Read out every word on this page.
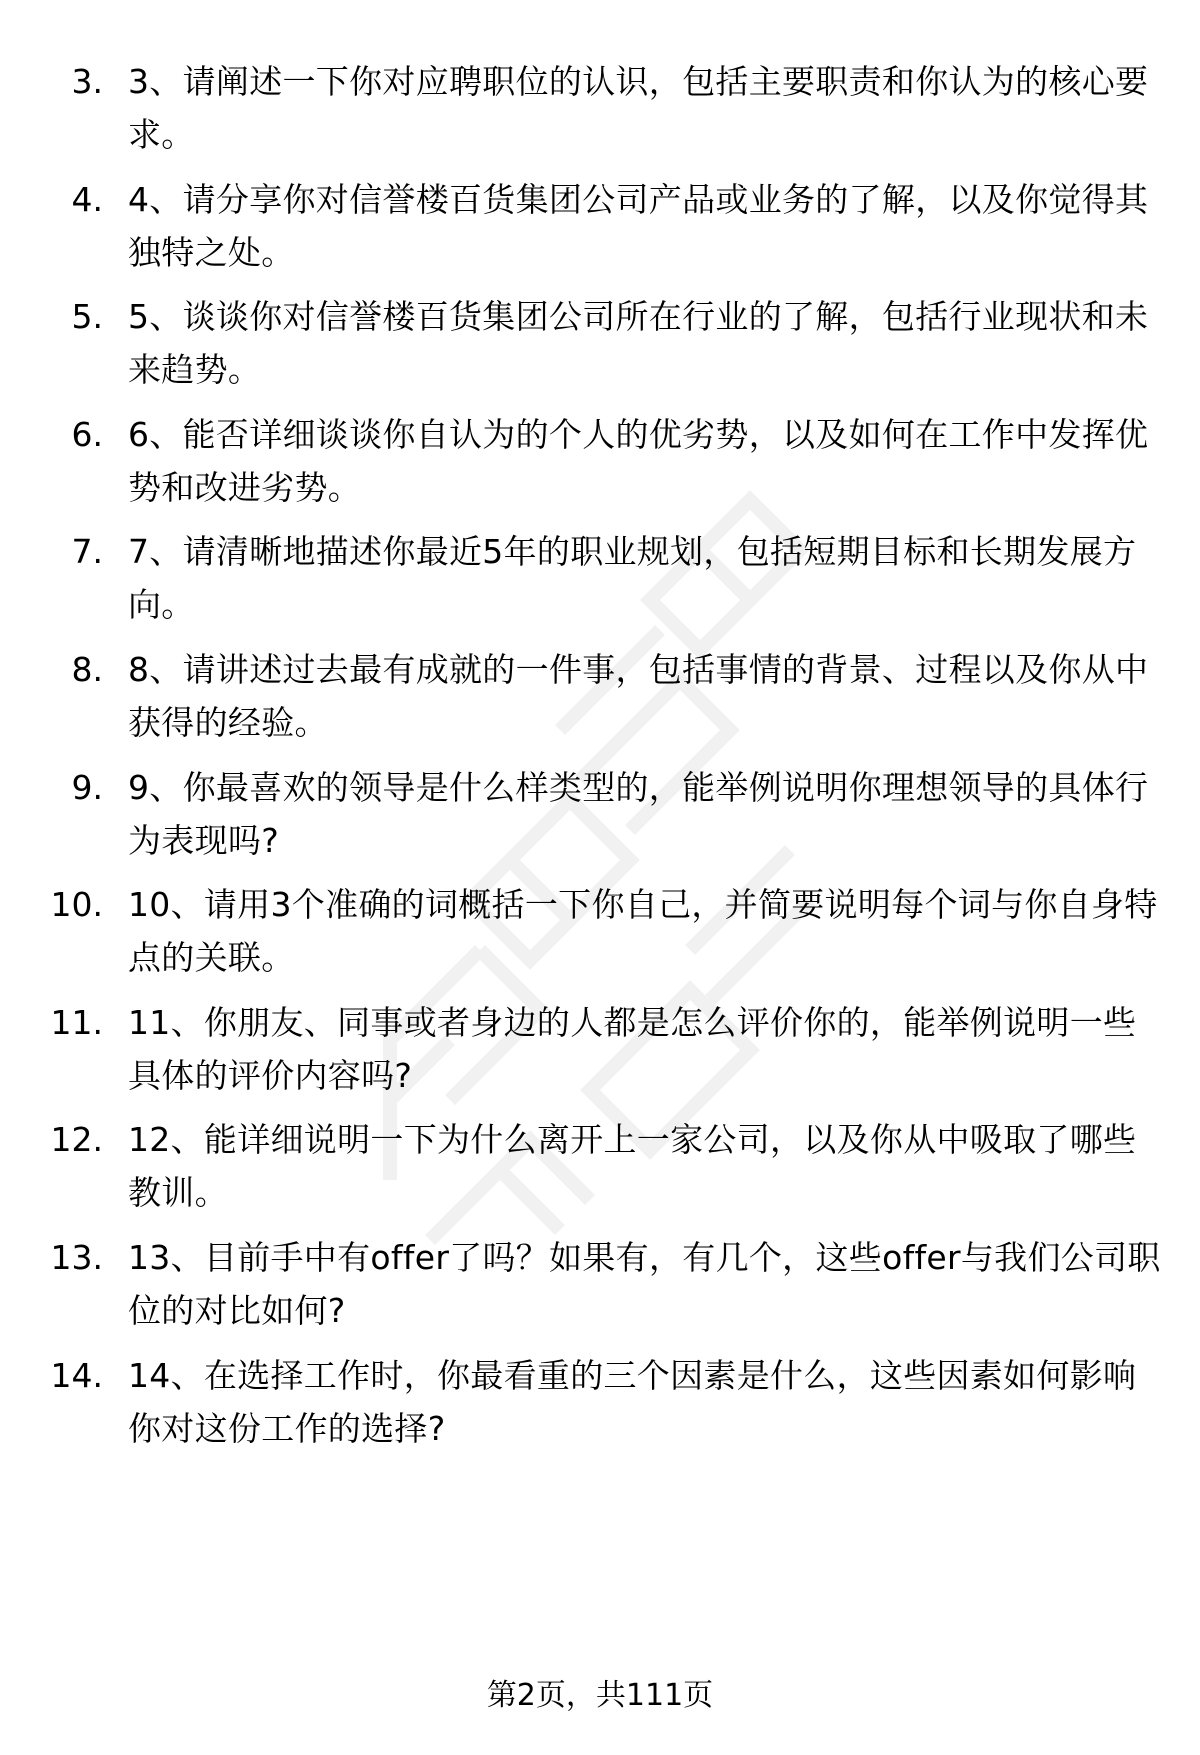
3. 3、请阐述一下你对应聘职位的认识，包括主要职责和你认为的核心要求。
4. 4、请分享你对信誉楼百货集团公司产品或业务的了解，以及你觉得其独特之处。
5. 5、谈谈你对信誉楼百货集团公司所在行业的了解，包括行业现状和未来趋势。
6. 6、能否详细谈谈你自认为的个人的优劣势，以及如何在工作中发挥优势和改进劣势。
7. 7、请清晰地描述你最近5年的职业规划，包括短期目标和长期发展方向。
8. 8、请讲述过去最有成就的一件事，包括事情的背景、过程以及你从中获得的经验。
9. 9、你最喜欢的领导是什么样类型的，能举例说明你理想领导的具体行为表现吗?
10. 10、请用3个准确的词概括一下你自己，并简要说明每个词与你自身特点的关联。
11. 11、你朋友、同事或者身边的人都是怎么评价你的，能举例说明一些具体的评价内容吗?
12. 12、能详细说明一下为什么离开上一家公司，以及你从中吸取了哪些教训。
13. 13、目前手中有offer了吗？如果有，有几个，这些offer与我们公司职位的对比如何?
14. 14、在选择工作时，你最看重的三个因素是什么，这些因素如何影响你对这份工作的选择?
第2页，共111页
